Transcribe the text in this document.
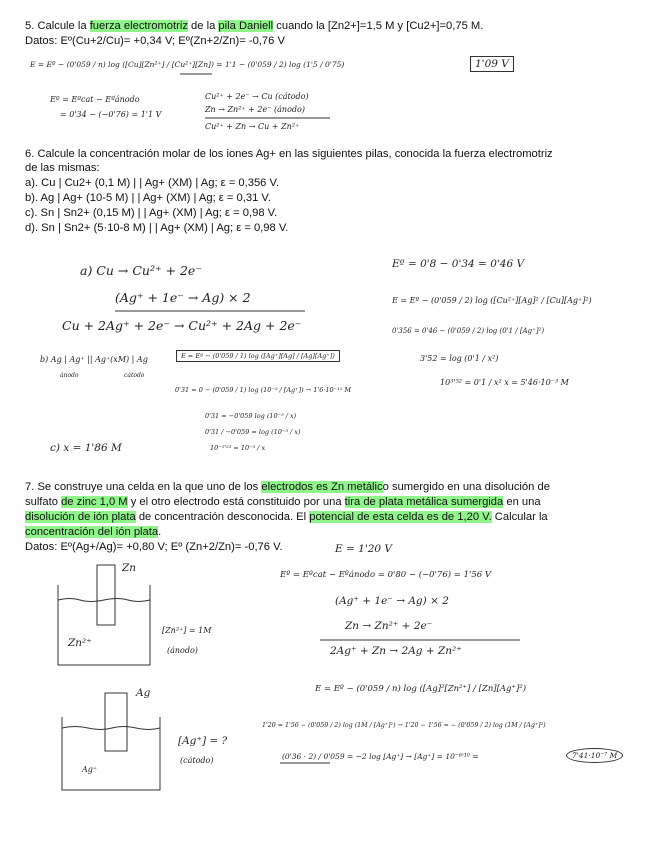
5. Calcule la fuerza electromotriz de la pila Daniell cuando la [Zn2+]=1,5 M y [Cu2+]=0,75 M.
Datos: Eº(Cu+2/Cu)= +0,34 V; Eº(Zn+2/Zn)= -0,76 V
E = Eº − (0'059 / n) log ([Cu][Zn²⁺] / [Cu²⁺][Zn]) = 1'1 − (0'059 / 2) log (1'5 / 0'75)	1'09 V
Eº = Eºcat − Eºánodo
= 0'34 − (−0'76) = 1'1 V
Cu²⁺ + 2e⁻ → Cu (cátodo)
Zn → Zn²⁺ + 2e⁻ (ánodo)
Cu²⁺ + Zn → Cu + Zn²⁺
6. Calcule la concentración molar de los iones Ag+ en las siguientes pilas, conocida la fuerza electromotriz
de las mismas:
a). Cu | Cu2+ (0,1 M) | | Ag+ (XM) | Ag; ε = 0,356 V.
b). Ag | Ag+ (10-5 M) | | Ag+ (XM) | Ag; ε = 0,31 V.
c). Sn | Sn2+ (0,15 M) | | Ag+ (XM) | Ag; ε = 0,98 V.
d). Sn | Sn2+ (5·10-8 M) | | Ag+ (XM) | Ag; ε = 0,98 V.
a) Cu → Cu²⁺ + 2e⁻
(Ag⁺ + 1e⁻ → Ag) × 2
Cu + 2Ag⁺ + 2e⁻ → Cu²⁺ + 2Ag + 2e⁻
Eº = 0'8 − 0'34 = 0'46 V
E = Eº − (0'059 / 2) log ([Cu²⁺][Ag]² / [Cu][Ag⁺]²)
0'356 = 0'46 − (0'059 / 2) log (0'1 / [Ag⁺]²)
3'52 = log (0'1 / x²)
10³'⁵² = 0'1 / x² x = 5'46·10⁻³ M
b) Ag | Ag⁺ || Ag⁺(xM) | Ag
ánodo	cátodo
E = Eº − (0'059 / 1) log ([Ag⁺][Ag] / [Ag][Ag⁺])
0'31 = 0 − (0'059 / 1) log (10⁻⁵ / [Ag⁺]) → 1'6·10⁻¹¹ M
0'31 = −0'059 log (10⁻⁵ / x)
0'31 / −0'059 = log (10⁻⁵ / x)
10⁻⁵'²⁵ = 10⁻⁵ / x
c) x = 1'86 M
7. Se construye una celda en la que uno de los electrodos es Zn metálico sumergido en una disolución de
sulfato de zinc 1,0 M y el otro electrodo está constituido por una tira de plata metálica sumergida en una
disolución de ión plata de concentración desconocida. El potencial de esta celda es de 1,20 V. Calcular la
concentración del ión plata.
Datos: Eº(Ag+/Ag)= +0,80 V; Eº (Zn+2/Zn)= -0,76 V.	E = 1'20 V
Eº = Eºcat − Eºánodo = 0'80 − (−0'76) = 1'56 V
(Ag⁺ + 1e⁻ → Ag) × 2
Zn → Zn²⁺ + 2e⁻
2Ag⁺ + Zn → 2Ag + Zn²⁺
E = Eº − (0'059 / n) log ([Ag]²[Zn²⁺] / [Zn][Ag⁺]²)
1'20 = 1'56 − (0'059 / 2) log (1M / [Ag⁺]²) → 1'20 − 1'56 = − (0'059 / 2) log (1M / [Ag⁺]²)
(0'36 · 2) / 0'059 = −2 log [Ag⁺] → [Ag⁺] = 10⁻⁶'¹⁰ =	7'41·10⁻⁷ M
Zn
Zn²⁺
[Zn²⁺] = 1M
(ánodo)
Ag
Ag⁺
[Ag⁺] = ?
(cátodo)
